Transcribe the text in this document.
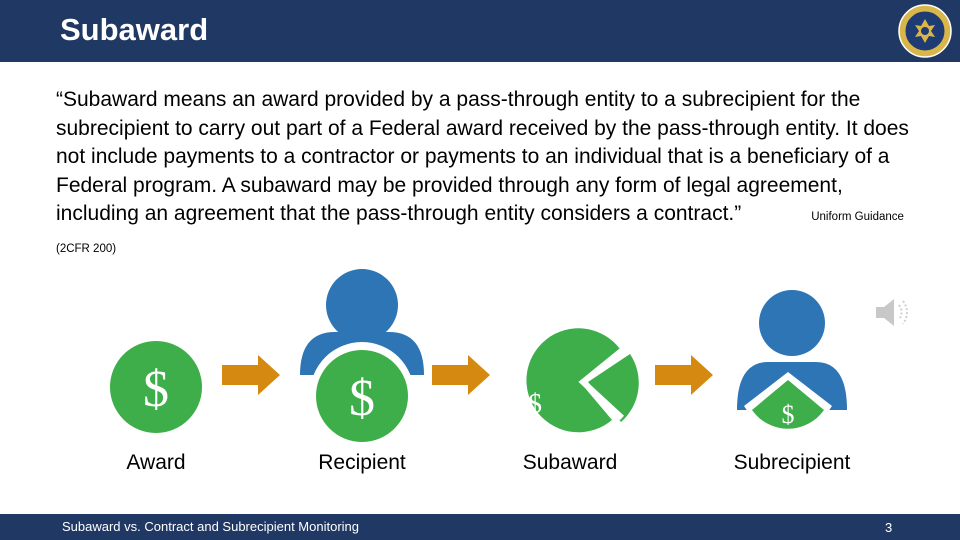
Subaward
“Subaward means an award provided by a pass-through entity to a subrecipient for the subrecipient to carry out part of a Federal award received by the pass-through entity. It does not include payments to a contractor or payments to an individual that is a beneficiary of a Federal program. A subaward may be provided through any form of legal agreement, including an agreement that the pass-through entity considers a contract.”	Uniform Guidance (2CFR 200)
$	$	$	$
Award	Recipient	Subaward	Subrecipient
Subaward vs. Contract and Subrecipient Monitoring	3
